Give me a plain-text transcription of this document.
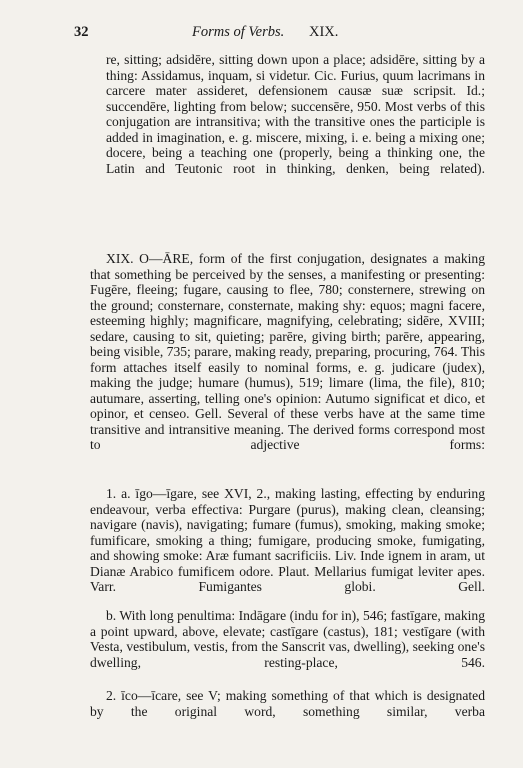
32	Forms of Verbs. XIX.

re, sitting; adsidēre, sitting down upon a place; adsidēre, sitting by a thing: Assidamus, inquam, si videtur. Cic. Furius, quum lacrimans in carcere mater assideret, defensionem causæ suæ scripsit. Id.; succendēre, lighting from below; succensēre, 950. Most verbs of this conjugation are intransitiva; with the transitive ones the participle is added in imagination, e. g. miscere, mixing, i. e. being a mixing one; docere, being a teaching one (properly, being a thinking one, the Latin and Teutonic root in thinking, denken, being related).

XIX. O—ĀRE, form of the first conjugation, designates a making that something be perceived by the senses, a manifesting or presenting: Fugēre, fleeing; fugare, causing to flee, 780; consternere, strewing on the ground; consternare, consternate, making shy: equos; magni facere, esteeming highly; magnificare, magnifying, celebrating; sidēre, XVIII; sedare, causing to sit, quieting; parēre, giving birth; parēre, appearing, being visible, 735; parare, making ready, preparing, procuring, 764. This form attaches itself easily to nominal forms, e. g. judicare (judex), making the judge; humare (humus), 519; limare (lima, the file), 810; autumare, asserting, telling one's opinion: Autumo significat et dico, et opinor, et censeo. Gell. Several of these verbs have at the same time transitive and intransitive meaning. The derived forms correspond most to adjective forms:

1. a. īgo—īgare, see XVI, 2., making lasting, effecting by enduring endeavour, verba effectiva: Purgare (purus), making clean, cleansing; navigare (navis), navigating; fumare (fumus), smoking, making smoke; fumificare, smoking a thing; fumigare, producing smoke, fumigating, and showing smoke: Aræ fumant sacrificiis. Liv. Inde ignem in aram, ut Dianæ Arabico fumificem odore. Plaut. Mellarius fumigat leviter apes. Varr. Fumigantes globi. Gell.

b. With long penultima: Indāgare (indu for in), 546; fastīgare, making a point upward, above, elevate; castīgare (castus), 181; vestīgare (with Vesta, vestibulum, vestis, from the Sanscrit vas, dwelling), seeking one's dwelling, resting-place, 546.

2. īco—īcare, see V; making something of that which is designated by the original word, something similar, verba
